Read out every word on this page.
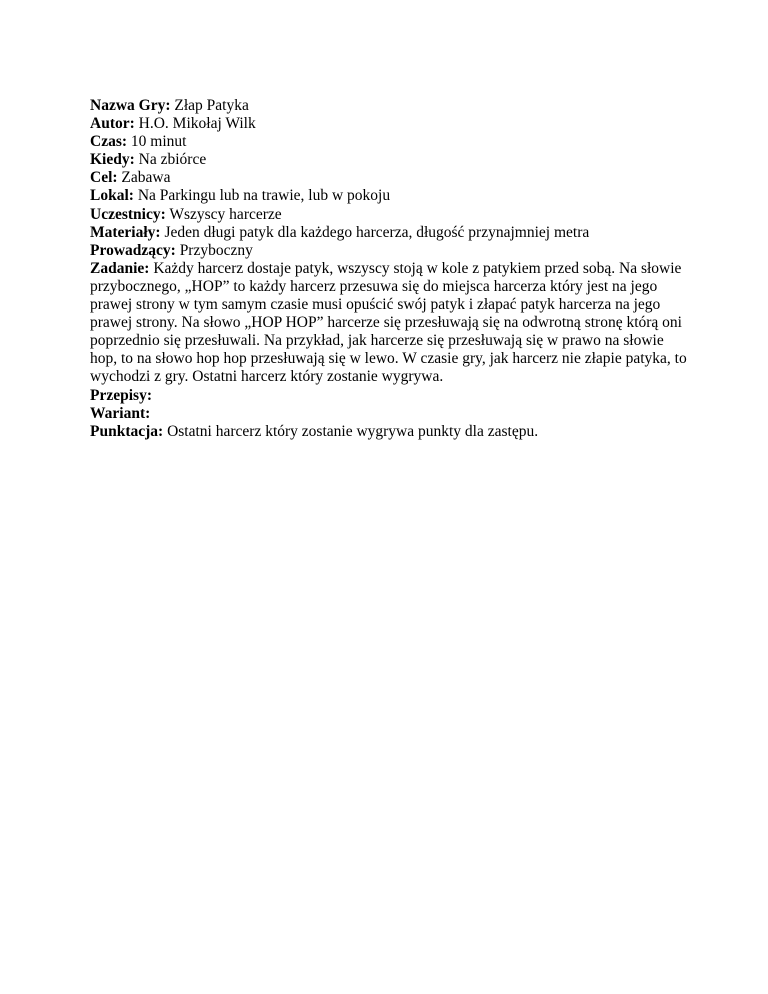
Nazwa Gry: Złap Patyka

Autor: H.O. Mikołaj Wilk

Czas: 10 minut

Kiedy: Na zbiórce

Cel: Zabawa

Lokal: Na Parkingu lub na trawie, lub w pokoju

Uczestnicy: Wszyscy harcerze

Materiały: Jeden długi patyk dla każdego harcerza, długość przynajmniej metra

Prowadzący: Przyboczny

Zadanie: Każdy harcerz dostaje patyk, wszyscy stoją w kole z patykiem przed sobą. Na słowie przybocznego, „HOP” to każdy harcerz przesuwa się do miejsca harcerza który jest na jego prawej strony w tym samym czasie musi opuścić swój patyk i złapać patyk harcerza na jego prawej strony. Na słowo „HOP HOP” harcerze się przesłuwają się na odwrotną stronę którą oni poprzednio się przesłuwali. Na przykład, jak harcerze się przesłuwają się w prawo na słowie hop, to na słowo hop hop przesłuwają się w lewo. W czasie gry, jak harcerz nie złapie patyka, to wychodzi z gry. Ostatni harcerz który zostanie wygrywa.

Przepisy:

Wariant:

Punktacja: Ostatni harcerz który zostanie wygrywa punkty dla zastępu.
